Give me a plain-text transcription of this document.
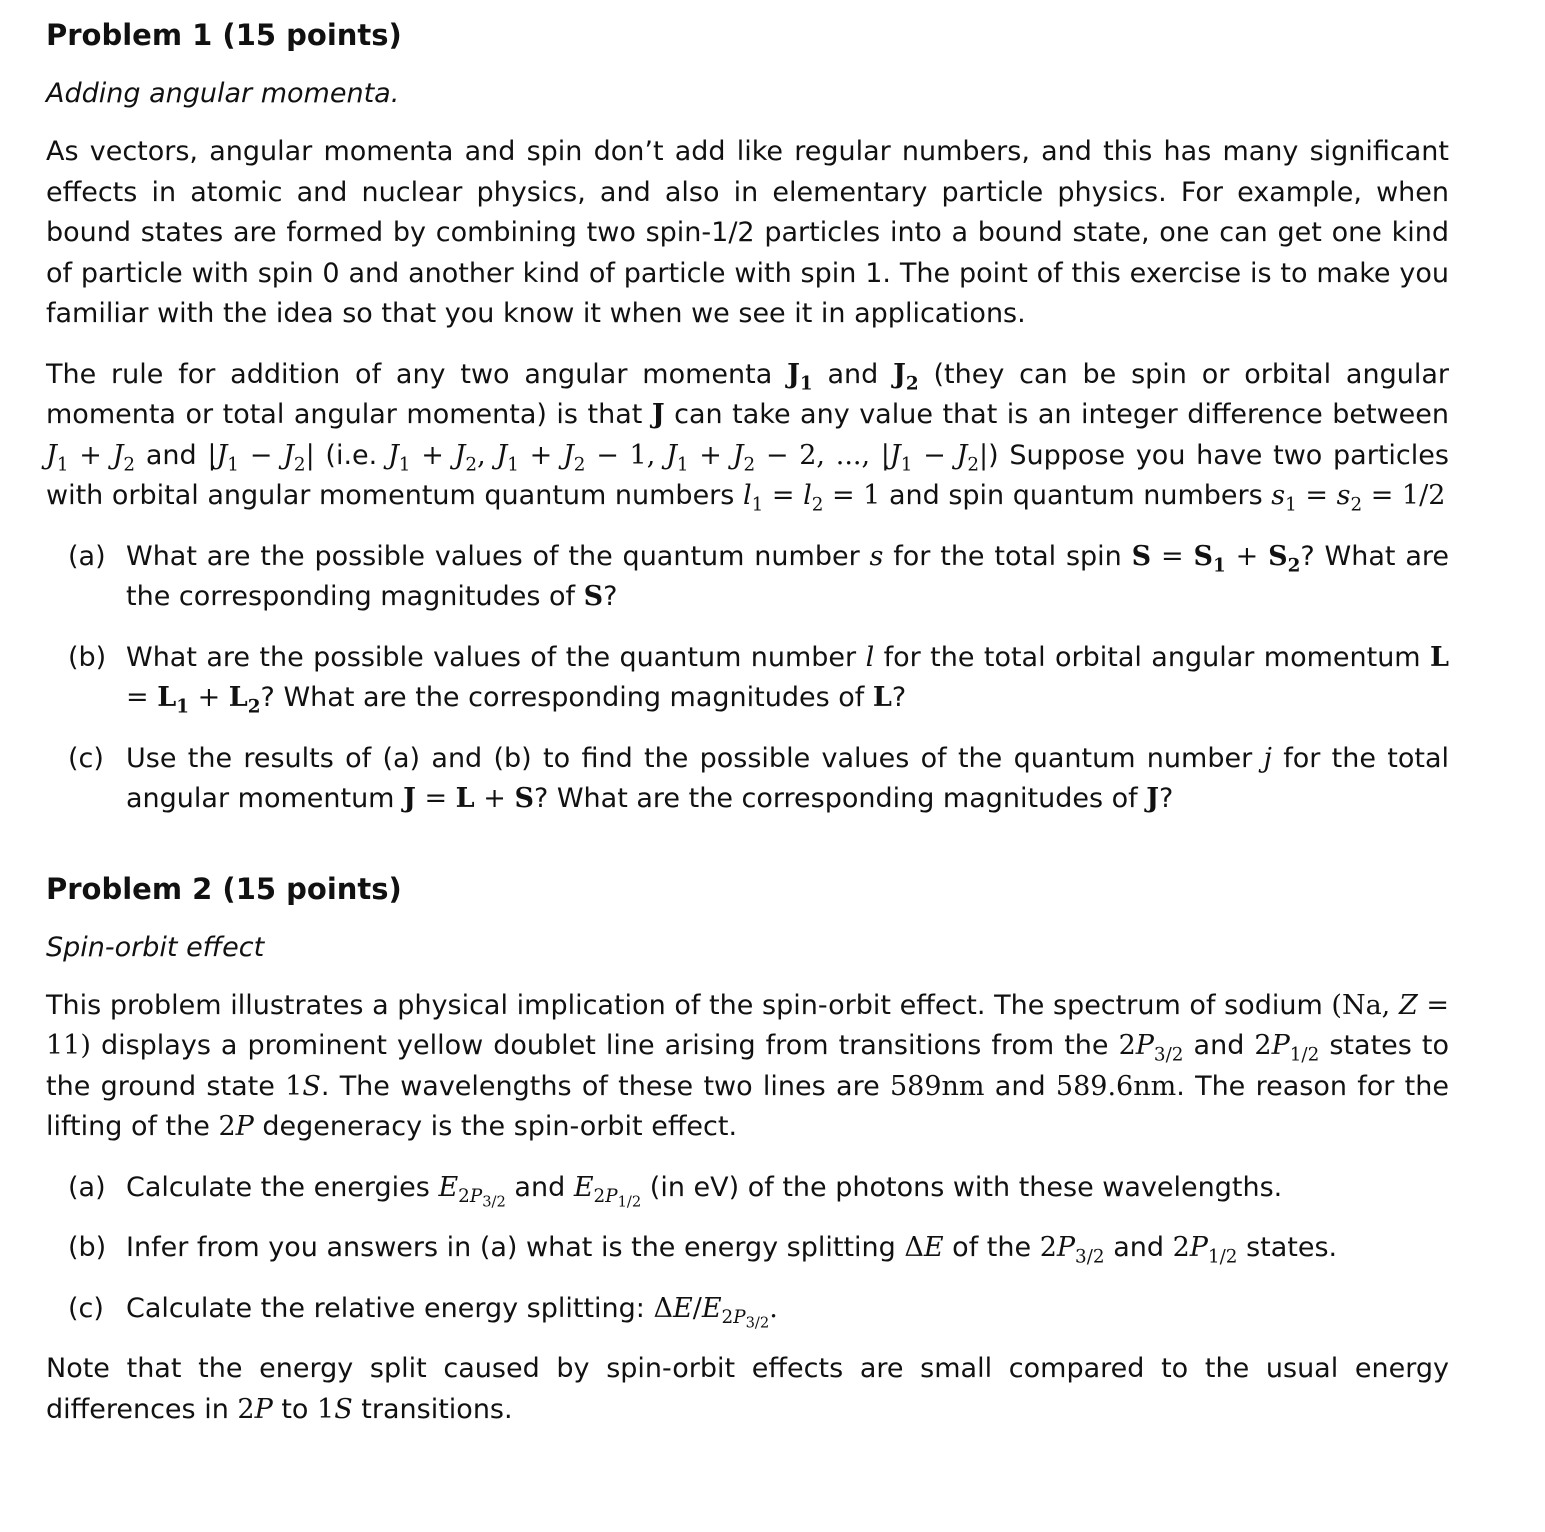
Problem 1 (15 points)

Adding angular momenta.

As vectors, angular momenta and spin don’t add like regular numbers, and this has many significant effects in atomic and nuclear physics, and also in elementary particle physics. For example, when bound states are formed by combining two spin-1/2 particles into a bound state, one can get one kind of particle with spin 0 and another kind of particle with spin 1. The point of this exercise is to make you familiar with the idea so that you know it when we see it in applications.

The rule for addition of any two angular momenta $J_1$ and $J_2$ (they can be spin or orbital angular momenta or total angular momenta) is that J can take any value that is an integer difference between $J_1 + J_2$ and $|J_1 - J_2|$ (i.e. $J_1 + J_2$, $J_1 + J_2 - 1$, $J_1 + J_2 - 2$, ..., $|J_1 - J_2|$) Suppose you have two particles with orbital angular momentum quantum numbers $l_1 = l_2 = 1$ and spin quantum numbers $s_1 = s_2 = 1/2$

(a) What are the possible values of the quantum number s for the total spin $S = S_1 + S_2$? What are the corresponding magnitudes of S?
(b) What are the possible values of the quantum number l for the total orbital angular momentum $L = L_1 + L_2$? What are the corresponding magnitudes of L?
(c) Use the results of (a) and (b) to find the possible values of the quantum number j for the total angular momentum J = L + S? What are the corresponding magnitudes of J?
Problem 2 (15 points)

Spin-orbit effect

This problem illustrates a physical implication of the spin-orbit effect. The spectrum of sodium (Na, Z = 11) displays a prominent yellow doublet line arising from transitions from the $2P_{3/2}$ and $2P_{1/2}$ states to the ground state 1S. The wavelengths of these two lines are 589nm and 589.6nm. The reason for the lifting of the 2P degeneracy is the spin-orbit effect.

(a) Calculate the energies $E_{2P_{3/2}}$ and $E_{2P_{1/2}}$ (in eV) of the photons with these wavelengths.
(b) Infer from you answers in (a) what is the energy splitting ΔE of the $2P_{3/2}$ and $2P_{1/2}$ states.
(c) Calculate the relative energy splitting: $\Delta E/E_{2P_{3/2}}$.

Note that the energy split caused by spin-orbit effects are small compared to the usual energy differences in 2P to 1S transitions.
